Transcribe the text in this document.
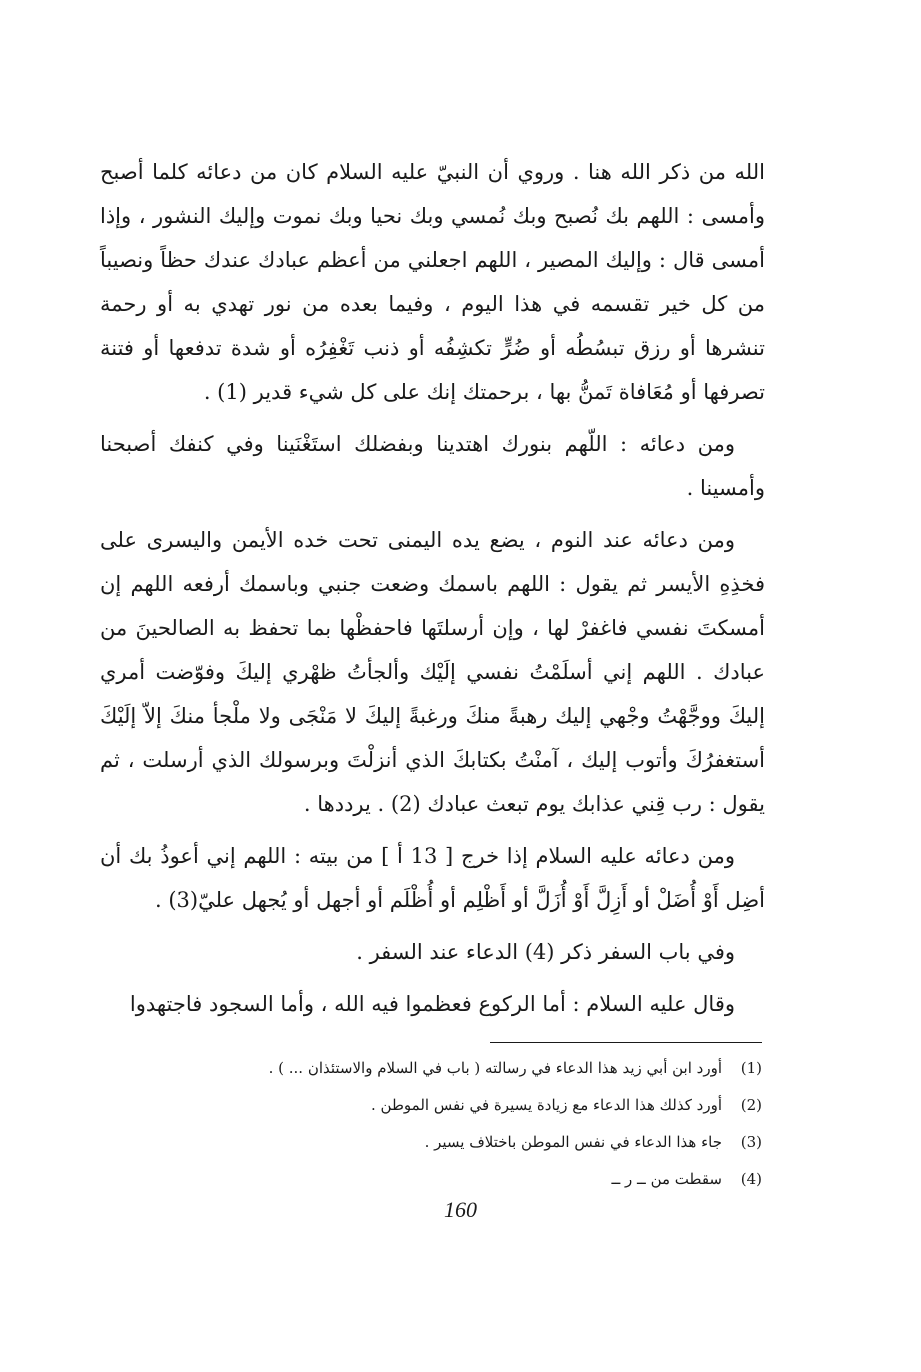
الله من ذكر الله هنا . وروي أن النبيّ عليه السلام كان من دعائه كلما أصبح وأمسى : اللهم بك نُصبح وبك نُمسي وبك نحيا وبك نموت وإليك النشور ، وإذا أمسى قال : وإليك المصير ، اللهم اجعلني من أعظم عبادك عندك حظاً ونصيباً من كل خير تقسمه في هذا اليوم ، وفيما بعده من نور تهدي به أو رحمة تنشرها أو رزق تبسُطُه أو ضُرٍّ تكشِفُه أو ذنب تَغْفِرُه أو شدة تدفعها أو فتنة تصرفها أو مُعَافاة تَمنُّ بها ، برحمتك إنك على كل شيء قدير (1) .

ومن دعائه : اللّهم بنورك اهتدينا وبفضلك استَغْنَينا وفي كنفك أصبحنا وأمسينا .

ومن دعائه عند النوم ، يضع يده اليمنى تحت خده الأيمن واليسرى على فخذِهِ الأيسر ثم يقول : اللهم باسمك وضعت جنبي وباسمك أرفعه اللهم إن أمسكتَ نفسي فاغفرْ لها ، وإن أرسلتَها فاحفظْها بما تحفظ به الصالحينَ من عبادك . اللهم إني أسلَمْتُ نفسي إلَيْك وألجأتُ ظهْري إليكَ وفوّضت أمري إليكَ ووجَّهْتُ وجْهي إليك رهبةً منكَ ورغبةً إليكَ لا مَنْجَى ولا ملْجأ منكَ إلاّ إلَيْكَ أستغفرُكَ وأتوب إليك ، آمنْتُ بكتابكَ الذي أنزلْتَ وبرسولك الذي أرسلت ، ثم يقول : رب قِني عذابك يوم تبعث عبادك (2) . يرددها .

ومن دعائه عليه السلام إذا خرج [ 13 أ ] من بيته : اللهم إني أعوذُ بك أن أضِل أَوْ أُضَلْ أو أَزِلَّ أَوْ أُزَلَّ أو أَظْلِم أو أُظْلَم أو أجهل أو يُجهل عليّ(3) .

وفي باب السفر ذكر (4) الدعاء عند السفر .

وقال عليه السلام : أما الركوع فعظموا فيه الله ، وأما السجود فاجتهدوا

(1)
أورد ابن أبي زيد هذا الدعاء في رسالته ( باب في السلام والاستئذان ... ) .
(2)
أورد كذلك هذا الدعاء مع زيادة يسيرة في نفس الموطن .
(3)
جاء هذا الدعاء في نفس الموطن باختلاف يسير .
(4)
سقطت من ــ ر ــ
160
